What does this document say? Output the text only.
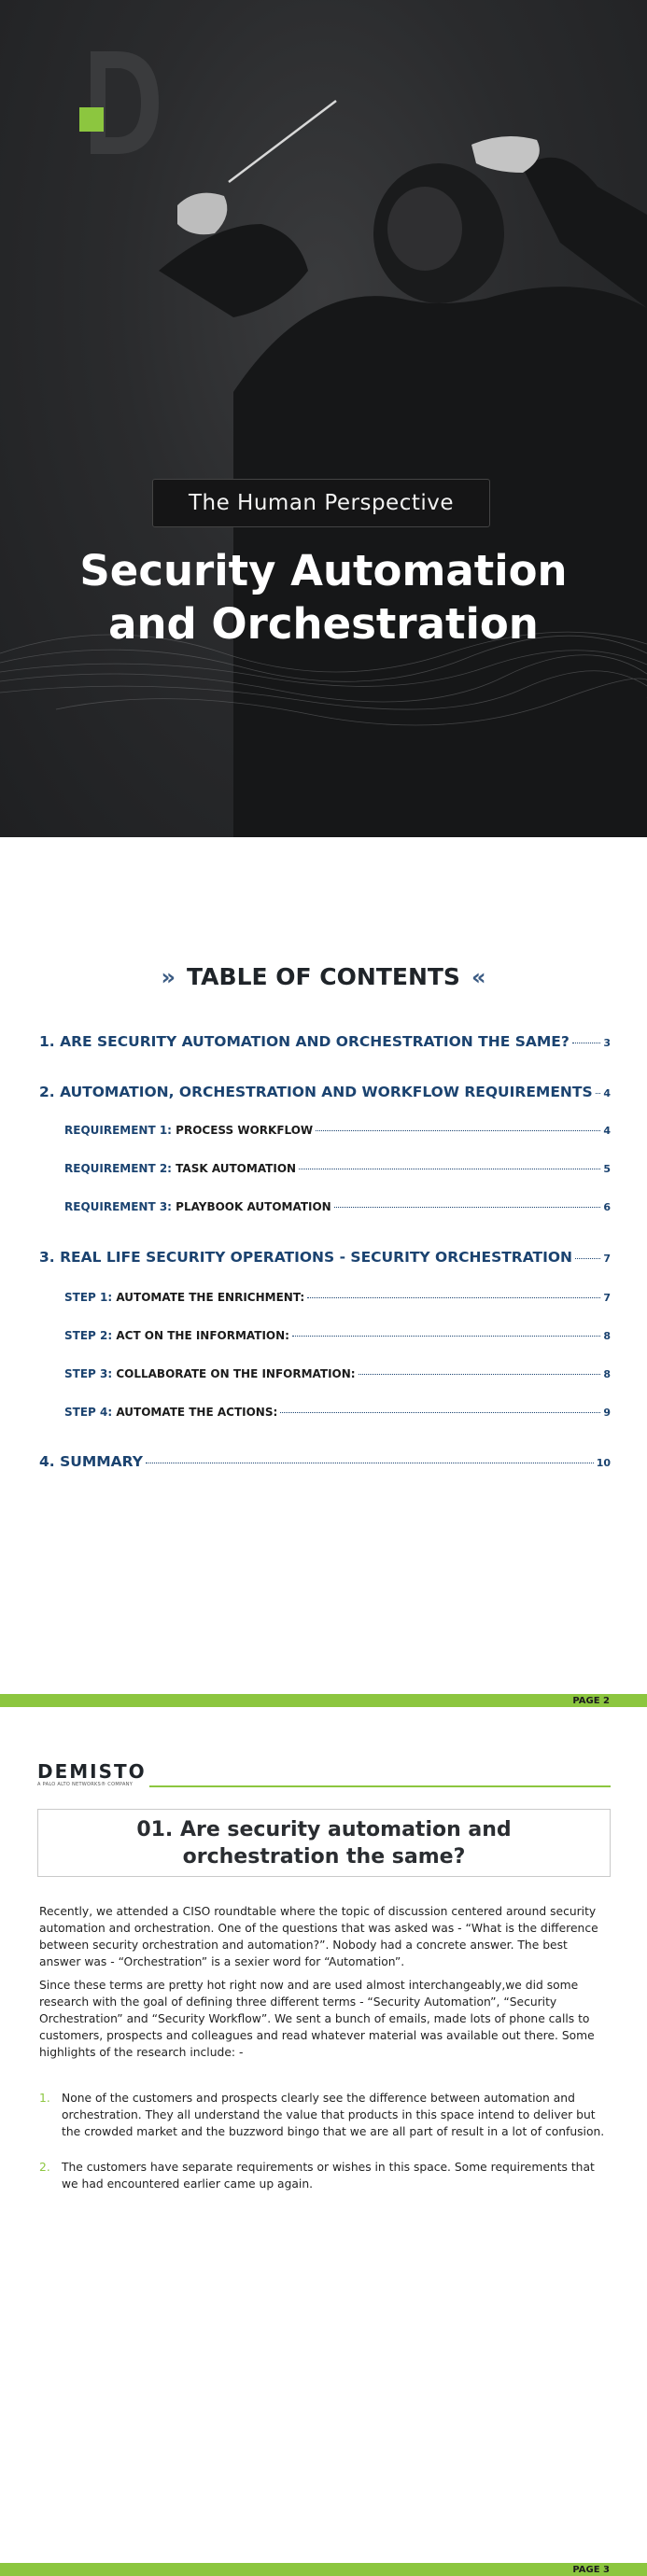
The Human Perspective
Security Automation
and Orchestration
» TABLE OF CONTENTS «
1. ARE SECURITY AUTOMATION AND ORCHESTRATION THE SAME?	3
2. AUTOMATION, ORCHESTRATION AND WORKFLOW REQUIREMENTS 4
REQUIREMENT 1: PROCESS WORKFLOW	4
REQUIREMENT 2: TASK AUTOMATION	5
REQUIREMENT 3: PLAYBOOK AUTOMATION	6
3. REAL LIFE SECURITY OPERATIONS - SECURITY ORCHESTRATION	7
STEP 1: AUTOMATE THE ENRICHMENT:	7
STEP 2: ACT ON THE INFORMATION:	8
STEP 3: COLLABORATE ON THE INFORMATION:	8
STEP 4: AUTOMATE THE ACTIONS:	9
4. SUMMARY	10
PAGE 2
DEMISTO
A PALO ALTO NETWORKS® COMPANY
01. Are security automation and orchestration the same?

Recently, we attended a CISO roundtable where the topic of discussion centered around security automation and orchestration. One of the questions that was asked was - “What is the difference between security orchestration and automation?”. Nobody had a concrete answer. The best answer was - “Orchestration” is a sexier word for “Automation”.

Since these terms are pretty hot right now and are used almost interchangeably,we did some research with the goal of defining three different terms - “Security Automation”, “Security Orchestration” and “Security Workflow”. We sent a bunch of emails, made lots of phone calls to customers, prospects and colleagues and read whatever material was available out there. Some highlights of the research include: -

1. None of the customers and prospects clearly see the difference between automation and orchestration. They all understand the value that products in this space intend to deliver but the crowded market and the buzzword bingo that we are all part of result in a lot of confusion.
2. The customers have separate requirements or wishes in this space. Some requirements that we had encountered earlier came up again.
PAGE 3
